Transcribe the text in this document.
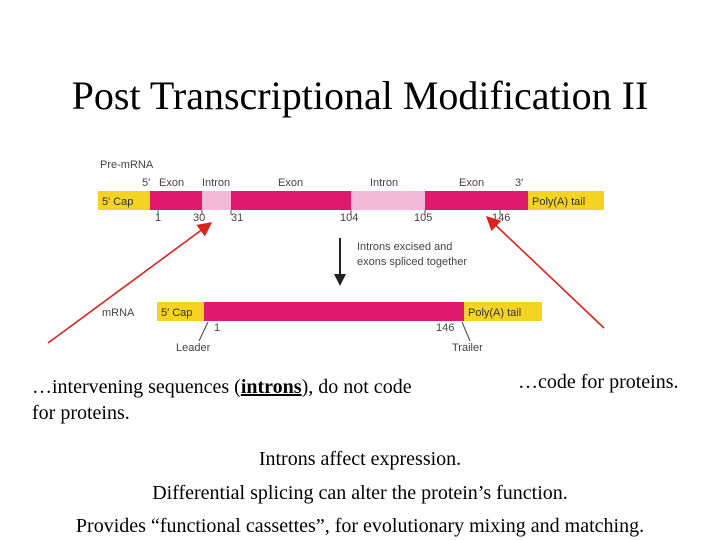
Post Transcriptional Modification II
Pre-mRNA
5′ Exon Intron	Exon	Intron	Exon	3′
5′ Cap	Poly(A) tail
1	30 31	104	105	146
Introns excised and
exons spliced together
mRNA 5′ Cap	Poly(A) tail
1	146
Leader	Trailer
…intervening sequences (introns), do not code for proteins.
…code for proteins.
Introns affect expression.
Differential splicing can alter the protein’s function.
Provides “functional cassettes”, for evolutionary mixing and matching.
